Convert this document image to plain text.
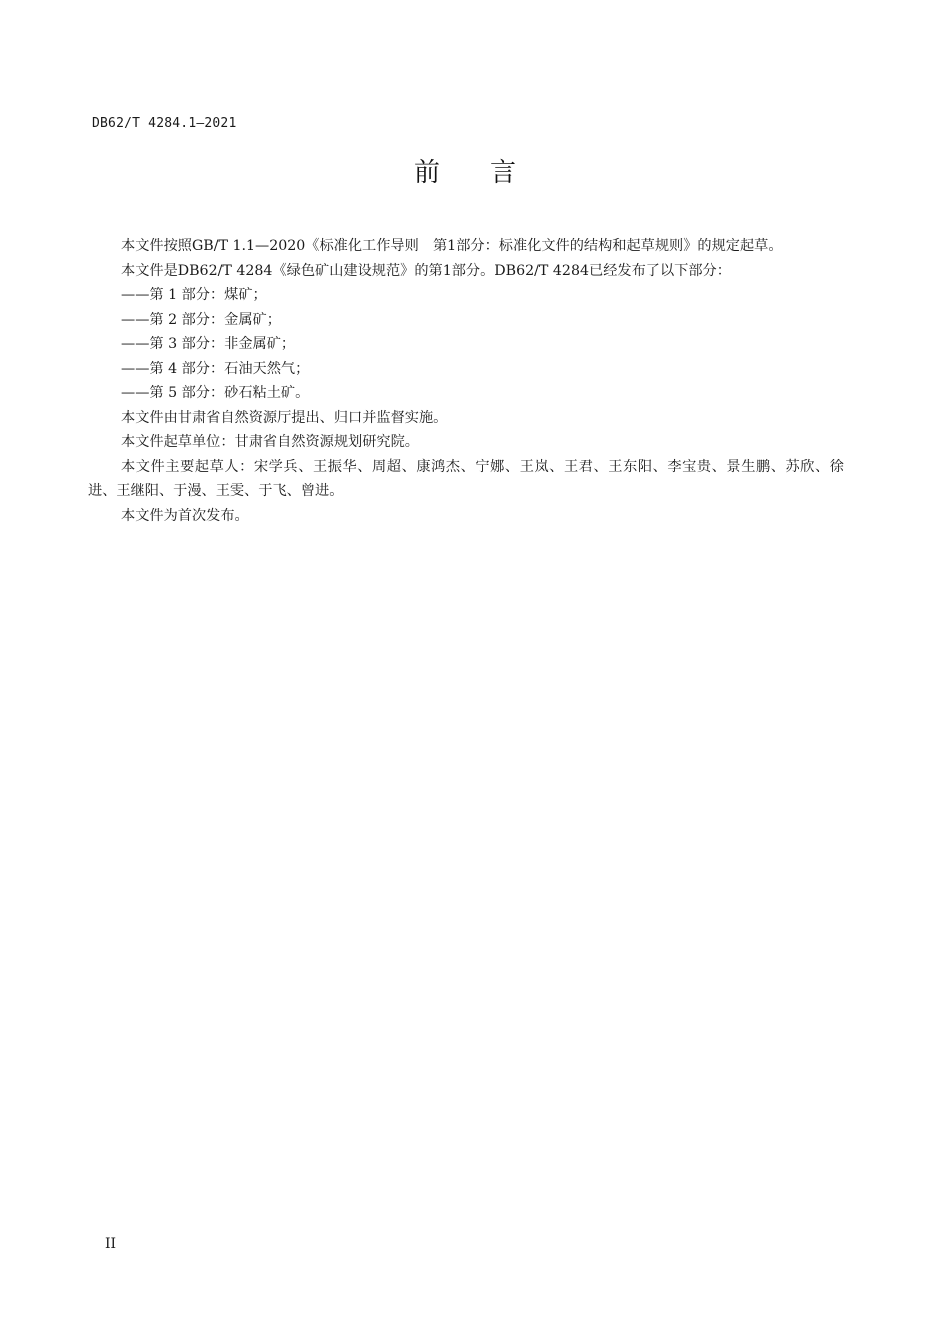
DB62/T 4284.1—2021
前言

本文件按照GB/T 1.1—2020《标准化工作导则　第1部分：标准化文件的结构和起草规则》的规定起草。

本文件是DB62/T 4284《绿色矿山建设规范》的第1部分。DB62/T 4284已经发布了以下部分：

——第 1 部分：煤矿；

——第 2 部分：金属矿；

——第 3 部分：非金属矿；

——第 4 部分：石油天然气；

——第 5 部分：砂石粘土矿。

本文件由甘肃省自然资源厅提出、归口并监督实施。

本文件起草单位：甘肃省自然资源规划研究院。

本文件主要起草人：宋学兵、王振华、周超、康鸿杰、宁娜、王岚、王君、王东阳、李宝贵、景生鹏、苏欣、徐进、王继阳、于漫、王雯、于飞、曾进。

本文件为首次发布。

II
